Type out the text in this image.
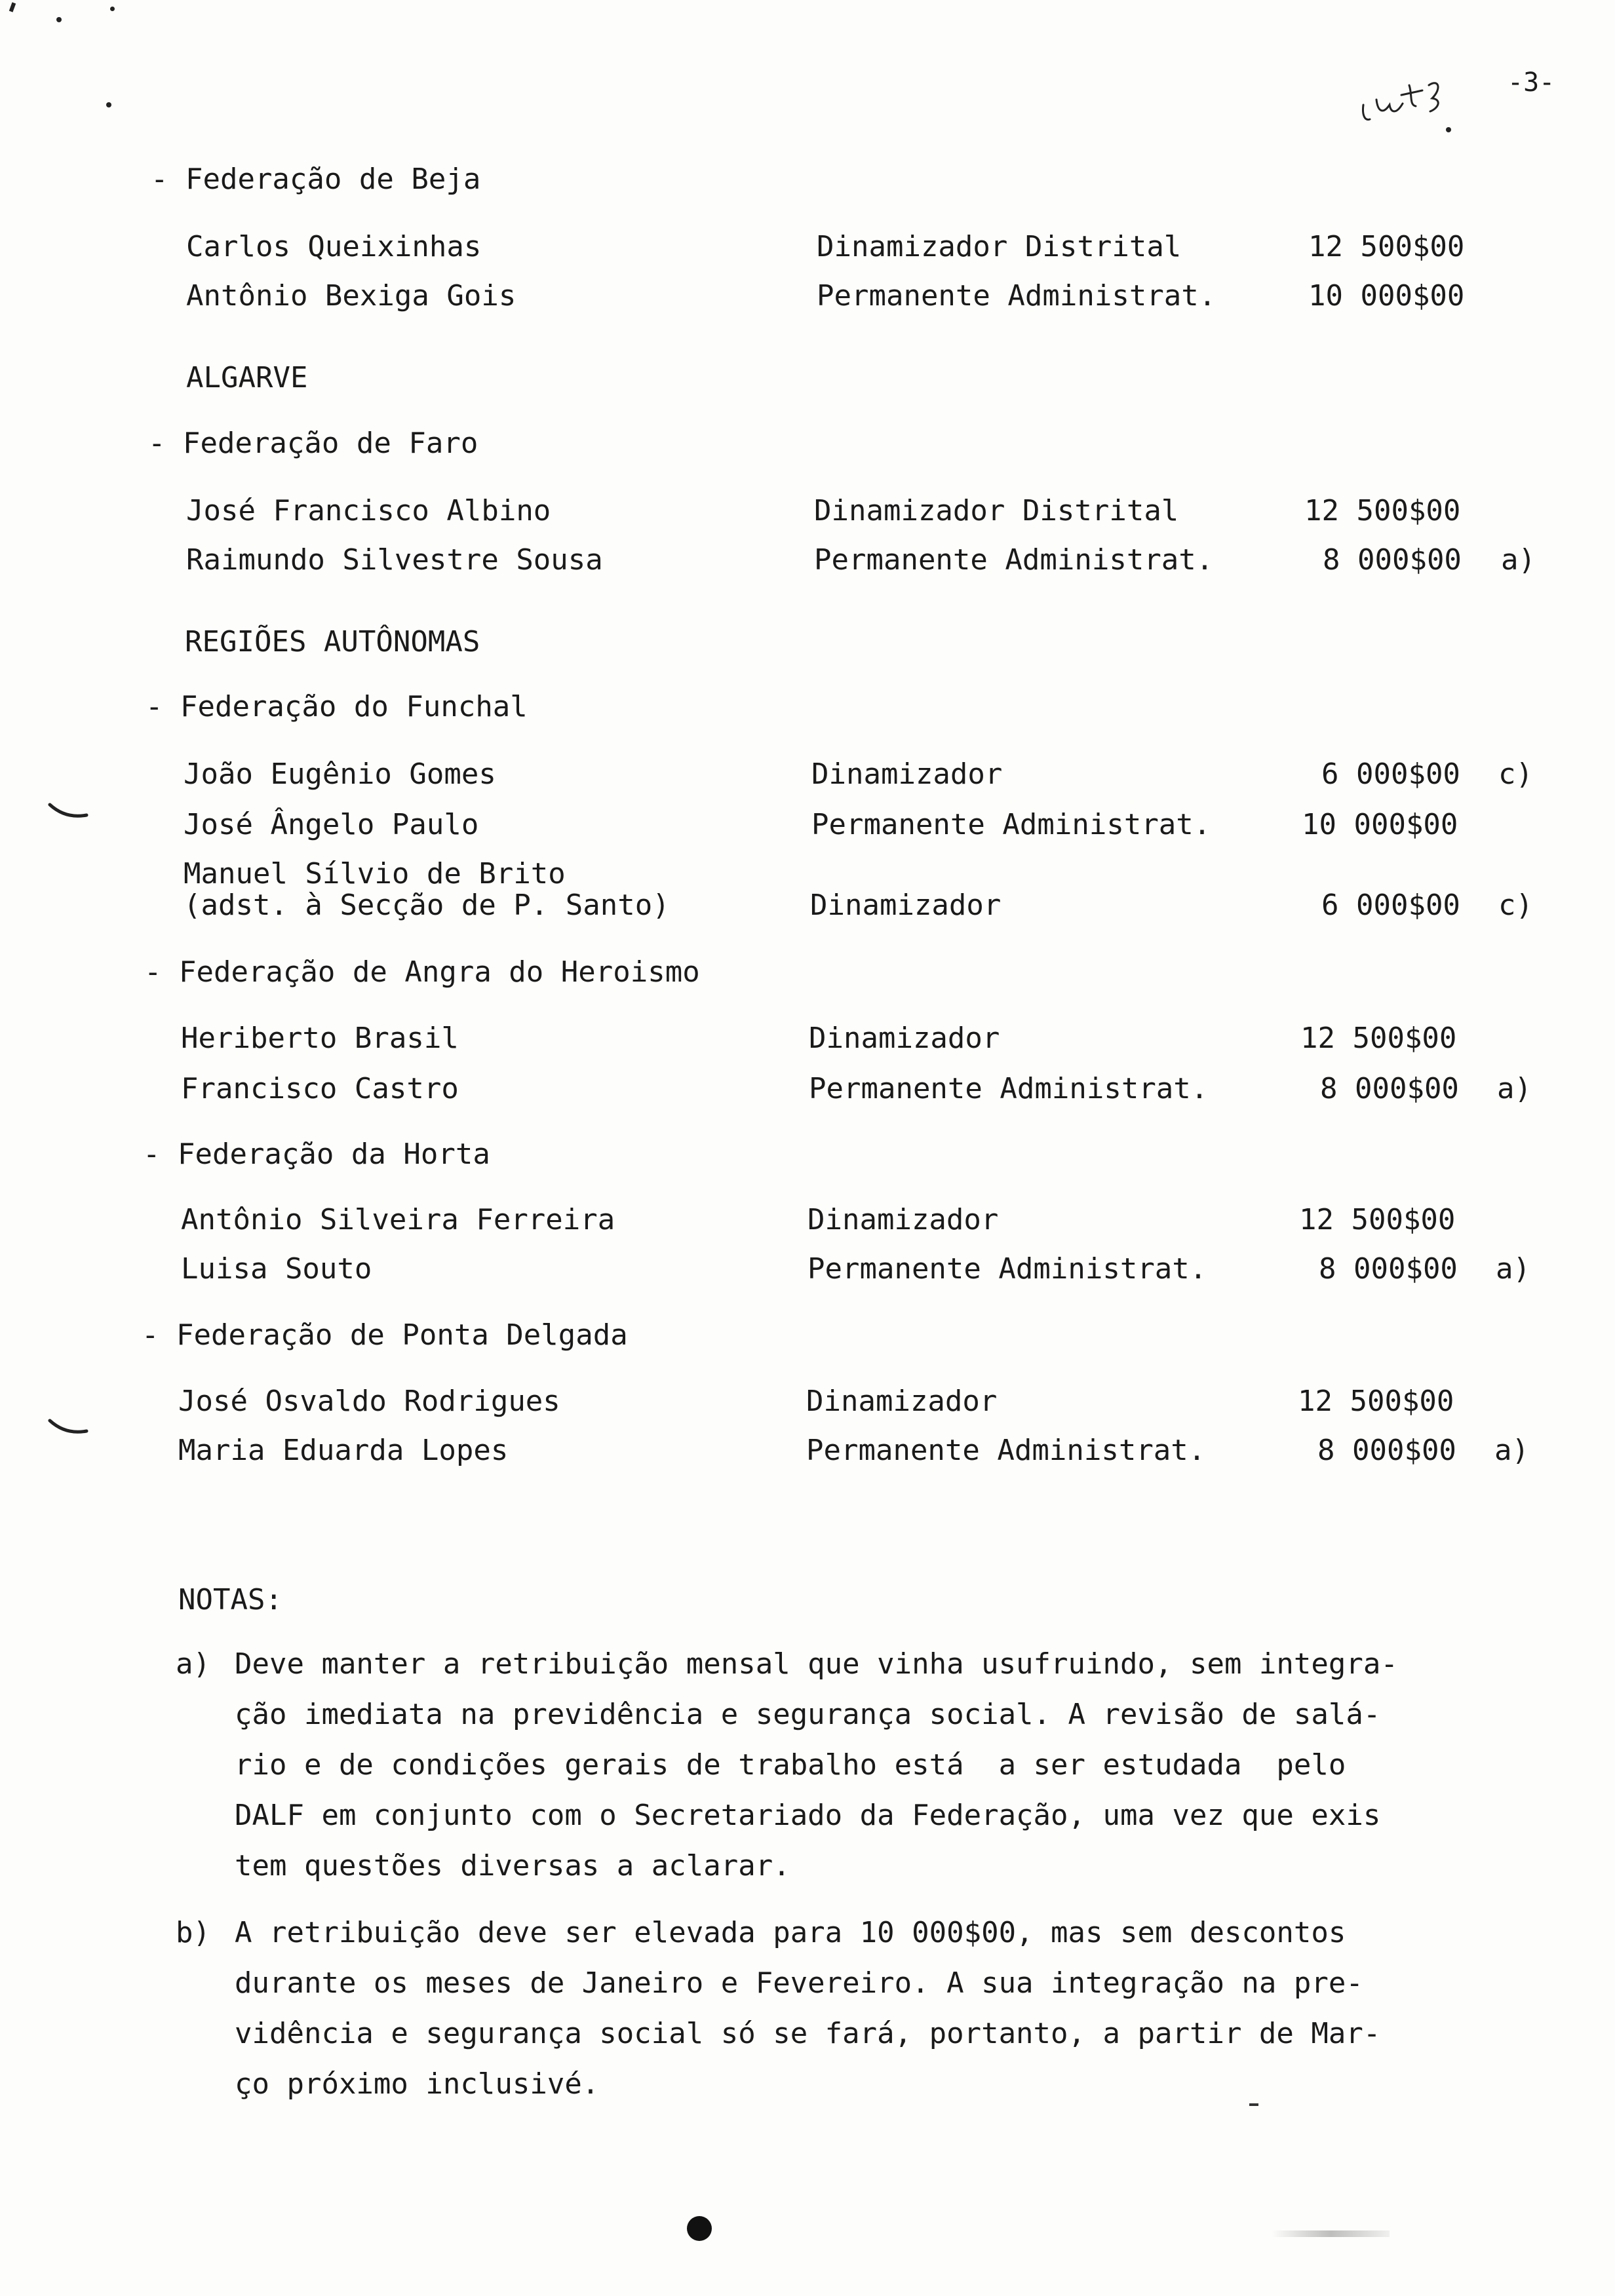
-3-
- Federação de Beja
Carlos Queixinhas	Dinamizador Distrital	12 500$00
Antônio Bexiga Gois	Permanente Administrat.	10 000$00
ALGARVE
- Federação de Faro
José Francisco Albino	Dinamizador Distrital	12 500$00
Raimundo Silvestre Sousa	Permanente Administrat.	8 000$00 a)
REGIÕES AUTÔNOMAS
- Federação do Funchal
João Eugênio Gomes	Dinamizador	6 000$00 c)
José Ângelo Paulo	Permanente Administrat.	10 000$00
Manuel Sílvio de Brito
(adst. à Secção de P. Santo)	Dinamizador	6 000$00 c)
- Federação de Angra do Heroismo
Heriberto Brasil	Dinamizador	12 500$00
Francisco Castro	Permanente Administrat.	8 000$00 a)
- Federação da Horta
Antônio Silveira Ferreira	Dinamizador	12 500$00
Luisa Souto	Permanente Administrat.	8 000$00 a)
- Federação de Ponta Delgada
José Osvaldo Rodrigues	Dinamizador	12 500$00
Maria Eduarda Lopes	Permanente Administrat.	8 000$00 a)
NOTAS:
a) Deve manter a retribuição mensal que vinha usufruindo, sem integra-
ção imediata na previdência e segurança social. A revisão de salá-
rio e de condições gerais de trabalho está  a ser estudada  pelo
DALF em conjunto com o Secretariado da Federação, uma vez que exis
tem questões diversas a aclarar.
b) A retribuição deve ser elevada para 10 000$00, mas sem descontos
durante os meses de Janeiro e Fevereiro. A sua integração na pre-
vidência e segurança social só se fará, portanto, a partir de Mar-
ço próximo inclusivé.
